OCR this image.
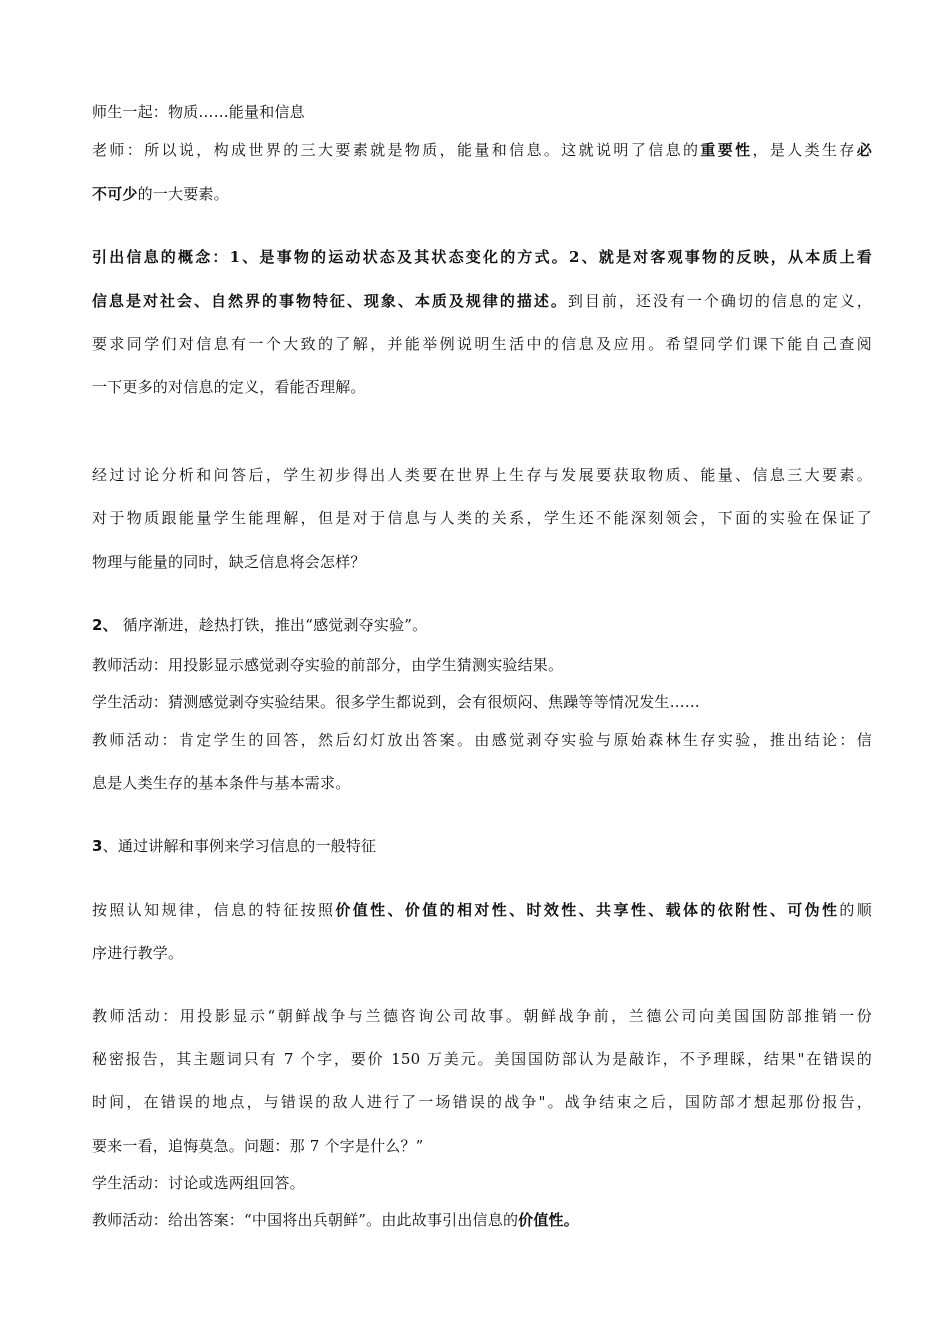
师生一起：物质……能量和信息
老师：所以说，构成世界的三大要素就是物质，能量和信息。这就说明了信息的重要性，是人类生存必
不可少的一大要素。
引出信息的概念：1、是事物的运动状态及其状态变化的方式。2、就是对客观事物的反映，从本质上看
信息是对社会、自然界的事物特征、现象、本质及规律的描述。到目前，还没有一个确切的信息的定义，
要求同学们对信息有一个大致的了解，并能举例说明生活中的信息及应用。希望同学们课下能自己查阅
一下更多的对信息的定义，看能否理解。
经过讨论分析和问答后，学生初步得出人类要在世界上生存与发展要获取物质、能量、信息三大要素。
对于物质跟能量学生能理解，但是对于信息与人类的关系，学生还不能深刻领会，下面的实验在保证了
物理与能量的同时，缺乏信息将会怎样？
2、 循序渐进，趁热打铁，推出“感觉剥夺实验”。
教师活动：用投影显示感觉剥夺实验的前部分，由学生猜测实验结果。
学生活动：猜测感觉剥夺实验结果。很多学生都说到，会有很烦闷、焦躁等等情况发生……
教师活动：肯定学生的回答，然后幻灯放出答案。由感觉剥夺实验与原始森林生存实验，推出结论：信
息是人类生存的基本条件与基本需求。
3、通过讲解和事例来学习信息的一般特征
按照认知规律，信息的特征按照价值性、价值的相对性、时效性、共享性、载体的依附性、可伪性的顺
序进行教学。
教师活动：用投影显示“朝鲜战争与兰德咨询公司故事。朝鲜战争前，兰德公司向美国国防部推销一份
秘密报告，其主题词只有 7 个字，要价 150 万美元。美国国防部认为是敲诈，不予理睬，结果"在错误的
时间，在错误的地点，与错误的敌人进行了一场错误的战争"。战争结束之后，国防部才想起那份报告，
要来一看，追悔莫急。问题：那 7 个字是什么？”
学生活动：讨论或选两组回答。
教师活动：给出答案：“中国将出兵朝鲜”。由此故事引出信息的价值性。
